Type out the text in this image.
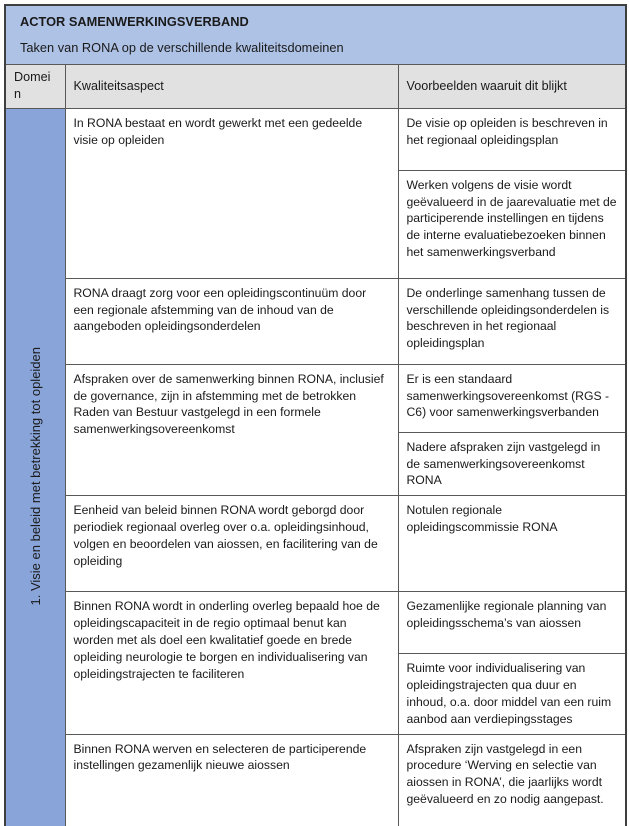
ACTOR SAMENWERKINGSVERBAND
Taken van RONA op de verschillende kwaliteitsdomeinen		

Domein	Kwaliteitsaspect	Voorbeelden waaruit dit blijkt
1. Visie en beleid met betrekking tot opleiden	In RONA bestaat en wordt gewerkt met een gedeelde visie op opleiden	De visie op opleiden is beschreven in het regionaal opleidingsplan
		Werken volgens de visie wordt geëvalueerd in de jaarevaluatie met de participerende instellingen en tijdens de interne evaluatiebezoeken binnen het samenwerkingsverband
	RONA draagt zorg voor een opleidingscontinuüm door een regionale afstemming van de inhoud van de aangeboden opleidingsonderdelen	De onderlinge samenhang tussen de verschillende opleidingsonderdelen is beschreven in het regionaal opleidingsplan
	Afspraken over de samenwerking binnen RONA, inclusief de governance, zijn in afstemming met de betrokken Raden van Bestuur vastgelegd in een formele samenwerkingsovereenkomst	Er is een standaard samenwerkingsovereenkomst (RGS - C6) voor samenwerkingsverbanden
		Nadere afspraken zijn vastgelegd in de samenwerkingsovereenkomst RONA
	Eenheid van beleid binnen RONA wordt geborgd door periodiek regionaal overleg over o.a. opleidingsinhoud, volgen en beoordelen van aiossen, en facilitering van de opleiding	Notulen regionale opleidingscommissie RONA
	Binnen RONA wordt in onderling overleg bepaald hoe de opleidingscapaciteit in de regio optimaal benut kan worden met als doel een kwalitatief goede en brede opleiding neurologie te borgen en individualisering van opleidingstrajecten te faciliteren	Gezamenlijke regionale planning van opleidingsschema’s van aiossen
		Ruimte voor individualisering van opleidingstrajecten qua duur en inhoud, o.a. door middel van een ruim aanbod aan verdiepingsstages
	Binnen RONA werven en selecteren de participerende instellingen gezamenlijk nieuwe aiossen	Afspraken zijn vastgelegd in een procedure ‘Werving en selectie van aiossen in RONA’, die jaarlijks wordt geëvalueerd en zo nodig aangepast.
